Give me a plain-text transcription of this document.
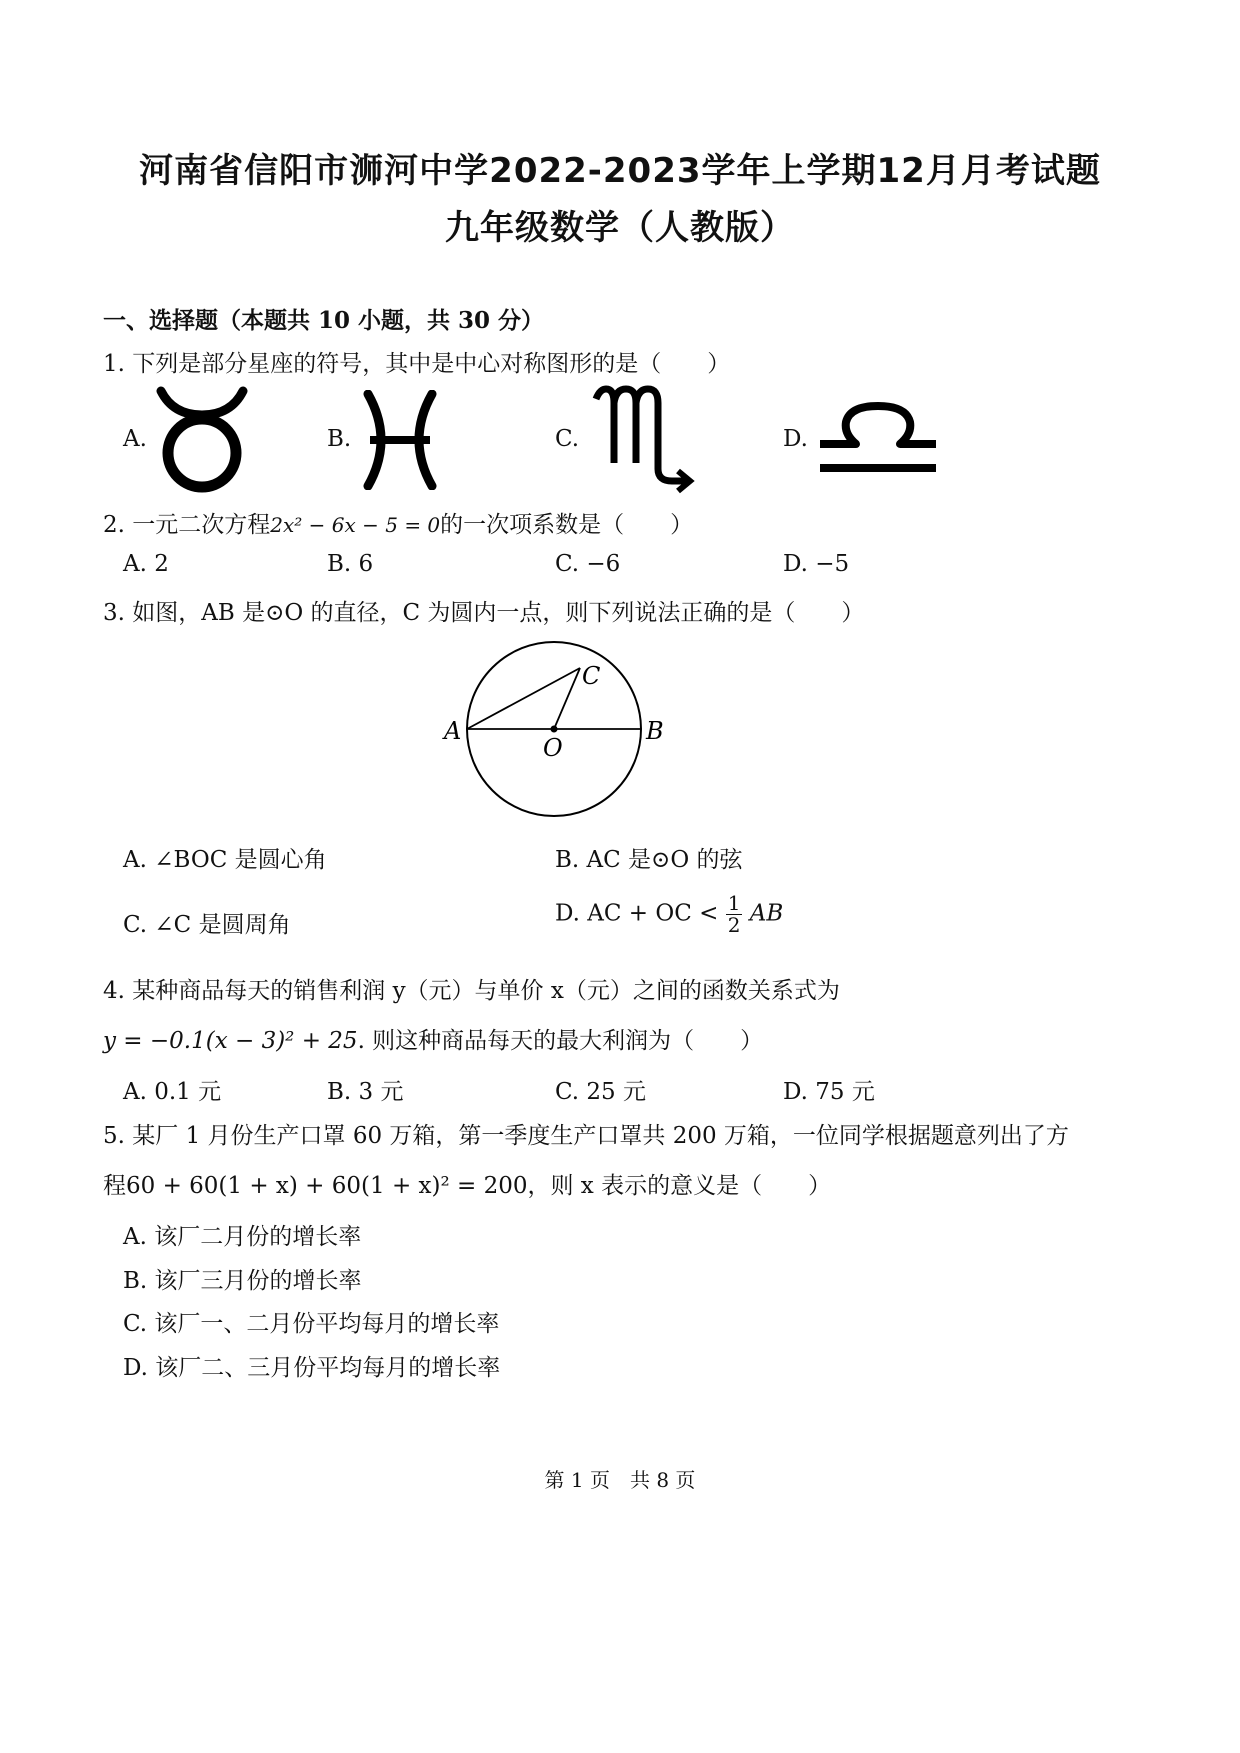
河南省信阳市浉河中学2022-2023学年上学期12月月考试题
九年级数学（人教版）
一、选择题（本题共 10 小题，共 30 分）
1. 下列是部分星座的符号，其中是中心对称图形的是（　　）
A.	B.	C.	D.
2. 一元二次方程2x² − 6x − 5 = 0的一次项系数是（　　）
A. 2	B. 6	C. −6	D. −5
3. 如图，AB 是⊙O 的直径，C 为圆内一点，则下列说法正确的是（　　）
A	B
C
O
A. ∠BOC 是圆心角	B. AC 是⊙O 的弦
C. ∠C 是圆周角	D. AC + OC < $\frac{1}{2}$ AB
4. 某种商品每天的销售利润 y（元）与单价 x（元）之间的函数关系式为
y = −0.1(x − 3)² + 25. 则这种商品每天的最大利润为（　　）
A. 0.1 元	B. 3 元	C. 25 元	D. 75 元
5. 某厂 1 月份生产口罩 60 万箱，第一季度生产口罩共 200 万箱，一位同学根据题意列出了方
程60 + 60(1 + x) + 60(1 + x)² = 200，则 x 表示的意义是（　　）
A. 该厂二月份的增长率
B. 该厂三月份的增长率
C. 该厂一、二月份平均每月的增长率
D. 该厂二、三月份平均每月的增长率
第 1 页　共 8 页
